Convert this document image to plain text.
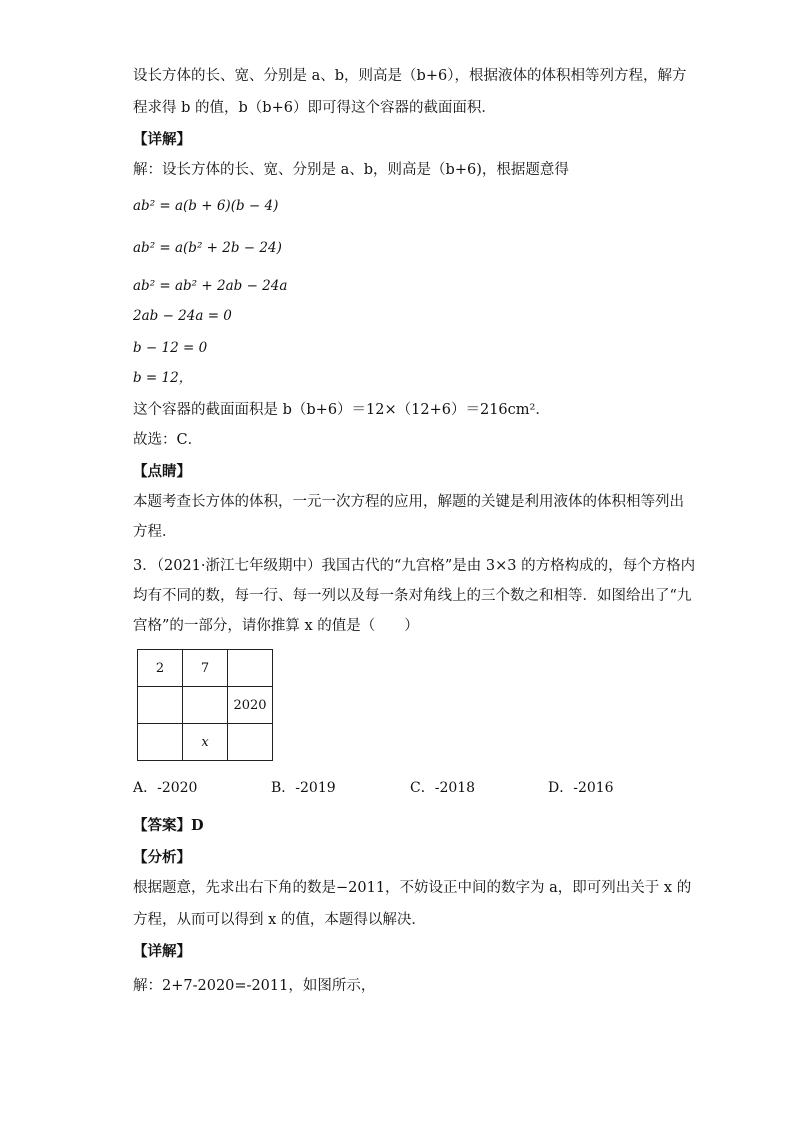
设长方体的长、宽、分别是 a、b，则高是（b+6），根据液体的体积相等列方程，解方
程求得 b 的值，b（b+6）即可得这个容器的截面面积．
【详解】
解：设长方体的长、宽、分别是 a、b，则高是（b+6)，根据题意得
ab² = a(b + 6)(b − 4)
ab² = a(b² + 2b − 24)
ab² = ab² + 2ab − 24a
2ab − 24a = 0
b − 12 = 0
b = 12，
这个容器的截面面积是 b（b+6）＝12×（12+6）＝216cm²．
故选：C．
【点睛】
本题考查长方体的体积，一元一次方程的应用，解题的关键是利用液体的体积相等列出
方程．
3．（2021·浙江七年级期中）我国古代的“九宫格”是由 3×3 的方格构成的，每个方格内
均有不同的数，每一行、每一列以及每一条对角线上的三个数之和相等．如图给出了“九
宫格”的一部分，请你推算 x 的值是（　　）
2	7	
		2020
	x	
A．-2020	B．-2019	C．-2018	D．-2016
【答案】D
【分析】
根据题意，先求出右下角的数是−2011，不妨设正中间的数字为 a，即可列出关于 x 的
方程，从而可以得到 x 的值，本题得以解决．
【详解】
解：2+7-2020=-2011，如图所示，
